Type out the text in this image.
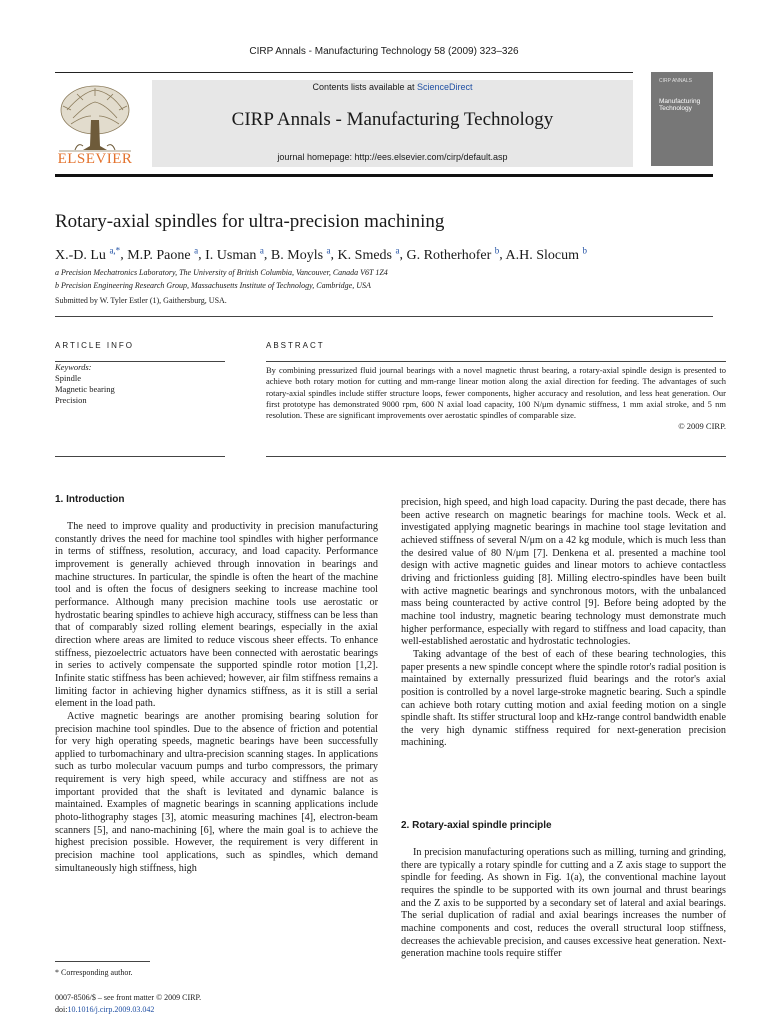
CIRP Annals - Manufacturing Technology 58 (2009) 323–326
ELSEVIER
Contents lists available at ScienceDirect
CIRP Annals - Manufacturing Technology
journal homepage: http://ees.elsevier.com/cirp/default.asp
CIRP ANNALS
Manufacturing Technology
Rotary-axial spindles for ultra-precision machining
X.-D. Lu $^{a,*}$, M.P. Paone $^a$, I. Usman $^a$, B. Moyls $^a$, K. Smeds $^a$, G. Rotherhofer $^b$, A.H. Slocum $^b$
a Precision Mechatronics Laboratory, The University of British Columbia, Vancouver, Canada V6T 1Z4
b Precision Engineering Research Group, Massachusetts Institute of Technology, Cambridge, USA
Submitted by W. Tyler Estler (1), Gaithersburg, USA.
ARTICLE INFO	ABSTRACT
Keywords:
Spindle
Magnetic bearing
Precision
By combining pressurized fluid journal bearings with a novel magnetic thrust bearing, a rotary-axial spindle design is presented to achieve both rotary motion for cutting and mm-range linear motion along the axial direction for feeding. The advantages of such rotary-axial spindles include stiffer structure loops, fewer components, higher accuracy and resolution, and less heat generation. Our first prototype has demonstrated 9000 rpm, 600 N axial load capacity, 100 N/μm dynamic stiffness, 1 mm axial stroke, and 5 nm resolution. These are significant improvements over aerostatic spindles of comparable size.
© 2009 CIRP.
1. Introduction

The need to improve quality and productivity in precision manufacturing constantly drives the need for machine tool spindles with higher performance in terms of stiffness, resolution, accuracy, and load capacity. Performance improvement is generally achieved through innovation in bearings and machine structures. In particular, the spindle is often the heart of the machine tool and is often the focus of designers seeking to increase machine tool performance. Although many precision machine tools use aerostatic or hydrostatic bearing spindles to achieve high accuracy, stiffness can be less than that of comparably sized rolling element bearings, especially in the axial direction where areas are limited to reduce viscous sheer effects. To enhance stiffness, piezoelectric actuators have been connected with aerostatic bearings in series to actively compensate the supported spindle rotor motion [1,2]. Infinite static stiffness has been achieved; however, air film stiffness remains a limiting factor in achieving higher dynamics stiffness, as it is still a serial element in the load path.

Active magnetic bearings are another promising bearing solution for precision machine tool spindles. Due to the absence of friction and potential for very high operating speeds, magnetic bearings have been successfully applied to turbomachinary and ultra-precision scanning stages. In applications such as turbo molecular vacuum pumps and turbo compressors, the primary requirement is very high speed, while accuracy and stiffness are not as important provided that the shaft is levitated and dynamic balance is maintained. Examples of magnetic bearings in scanning applications include photo-lithography stages [3], atomic measuring machines [4], electron-beam scanners [5], and nano-machining [6], where the main goal is to achieve the highest precision possible. However, the requirement is very different in precision machine tool applications, such as spindles, which demand simultaneously high stiffness, high

precision, high speed, and high load capacity. During the past decade, there has been active research on magnetic bearings for machine tools. Weck et al. investigated applying magnetic bearings in machine tool stage levitation and achieved stiffness of several N/μm on a 42 kg module, which is much less than the desired value of 80 N/μm [7]. Denkena et al. presented a machine tool design with active magnetic guides and linear motors to achieve contactless driving and frictionless guiding [8]. Milling electro-spindles have been built with active magnetic bearings and synchronous motors, with the unbalanced mass being counteracted by active control [9]. Before being adopted by the machine tool industry, magnetic bearing technology must demonstrate much higher performance, especially with regard to stiffness and load capacity, than well-established aerostatic and hydrostatic technologies.

Taking advantage of the best of each of these bearing technologies, this paper presents a new spindle concept where the spindle rotor's radial position is maintained by externally pressurized fluid bearings and the rotor's axial position is controlled by a novel large-stroke magnetic bearing. Such a spindle can achieve both rotary cutting motion and axial feeding motion on a single spindle shaft. Its stiffer structural loop and kHz-range control bandwidth enable the very high dynamic stiffness required for next-generation precision machining.

2. Rotary-axial spindle principle

In precision manufacturing operations such as milling, turning and grinding, there are typically a rotary spindle for cutting and a Z axis stage to support the spindle for feeding. As shown in Fig. 1(a), the conventional machine layout requires the spindle to be supported with its own journal and thrust bearings and the Z axis to be supported by a secondary set of lateral and axial bearings. The serial duplication of radial and axial bearings increases the number of machine components and cost, reduces the overall structural loop stiffness, decreases the achievable precision, and causes excessive heat generation. Next-generation machine tools require stiffer

* Corresponding author.
0007-8506/$ – see front matter © 2009 CIRP.
doi:10.1016/j.cirp.2009.03.042
